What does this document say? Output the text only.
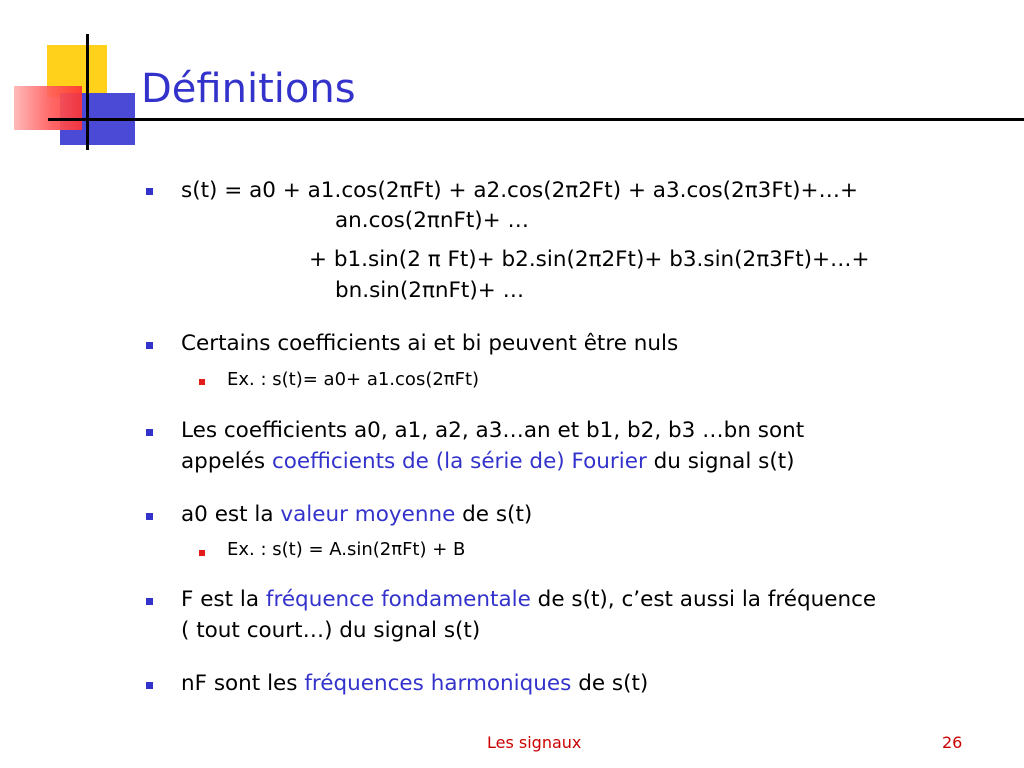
Définitions
s(t) = a0 + a1.cos(2πFt) + a2.cos(2π2Ft) + a3.cos(2π3Ft)+…+
an.cos(2πnFt)+ …
+ b1.sin(2 π Ft)+ b2.sin(2π2Ft)+ b3.sin(2π3Ft)+…+
bn.sin(2πnFt)+ …
Certains coefficients ai et bi peuvent être nuls
Ex. : s(t)= a0+ a1.cos(2πFt)
Les coefficients a0, a1, a2, a3…an et b1, b2, b3 …bn sont
appelés coefficients de (la série de) Fourier du signal s(t)
a0 est la valeur moyenne de s(t)
Ex. : s(t) = A.sin(2πFt) + B
F est la fréquence fondamentale de s(t), c’est aussi la fréquence
( tout court…) du signal s(t)
nF sont les fréquences harmoniques de s(t)
Les signaux	26
